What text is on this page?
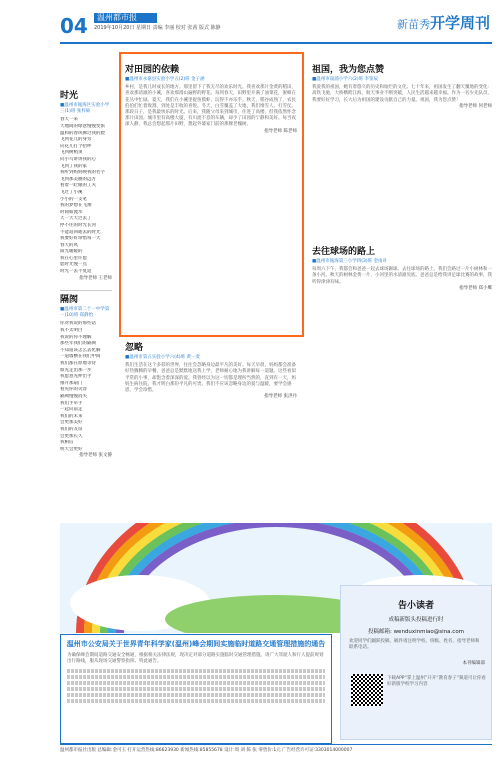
04	温州都市报
2019年10月20日 星期日 责编 李丽 校对 张茜 版式 陈静	新苗秀开学周刊
时光
■温州市瓯海区实验小学三(1)班 张梓硕
春天一来
天地间的绿意慢慢变浓
温和的春风拂过我的脸
飞到花儿的身旁
向花儿打个招呼
飞到树梢顶
向小鸟讲讲我的心
飞到了我的家
我听到妈妈唤我的名字
飞到那美丽的远方
看着一眨眼的工夫
飞过了小溪
小小的一支笔
我的梦想在飞翔
时间如流水
天一天天过去了
停不住的时光长河
不能追回逝去的时光
我要好好珍惜每一天
春天的风
阳光暖暖的
我在心里许愿
愿时光慢一点
时光一去不复返
指导老师 王老师
隔阂
■温州市第二十一中学第一(10)班 郑静怡
你对我说的那些话
我不太明白
我说的你不理解
那些年我们的隔阂
不知道该怎么去化解
一道墙横在我们中间
我们都在原地等待
谁先走出那一步
我愿意先伸出手
推开那扇门
看见你的笑容
隔阂慢慢消失
我们手牵手
一起向前走
我们的未来
会更加美好
我们的友谊
会更加长久
我相信
明天会更好
指导老师 张文静
对田园的依赖
■温州市永嘉县实验小学五(2)班 金子涵
乡村，是我儿时成长的地方。那里留下了我无尽的欢乐时光。我喜欢那片金黄的稻田，喜欢那清澈的小溪，喜欢那漫山遍野的野花。每到春天，田野里开满了油菜花，蜜蜂在花丛中忙碌。夏天，我们在小溪里捉鱼摸虾，玩得不亦乐乎。秋天，稻谷成熟了，农民伯伯们忙着收割，到处是丰收的喜悦。冬天，白雪覆盖了大地，我们堆雪人、打雪仗。那段日子，是我最快乐的时光。后来，我随父母来到城市，住进了高楼，但我依然怀念那片田园。城市里有高楼大厦，有川流不息的车辆，却少了田园的宁静和美好。每当夜深人静，我总会想起那片田野，想起外婆家门前的那棵老槐树。
指导老师 陈老师
忽略
■温州市第五实验小学六(4)班 黄一麦
我们生活在这个多彩的世界，往往会忽略身边最平凡的美好。每天早晨，妈妈都会准备好热腾腾的早餐，爸爸总是默默地送我上学，老师耐心地为我讲解每一道题。这些看似平常的小事，却饱含着深深的爱。我曾经以为这一切都是理所当然的，直到有一天，妈妈生病住院，我才明白那份平凡的可贵。我们不应该忽略身边的爱与温暖，要学会感恩，学会珍惜。
指导老师 张洪丹
祖国，我为您点赞
■温州市南浦小学六(2)班 李鉴辰
我爱我的祖国，她有着悠久的历史和灿烂的文化。七十年来，祖国发生了翻天覆地的变化：高铁飞驰，大桥横跨江海，航天事业不断突破，人民生活越来越幸福。作为一名少先队员，我要好好学习，长大后为祖国的建设贡献自己的力量。祖国，我为您点赞！
指导老师 何老师
去往球场的路上
■温州市瓯海第三小学四(3)班 金雨舟
每周六下午，我都会和爸爸一起去球场踢球。去往球场的路上，我们会路过一片小树林和一条小河。秋天的树林金黄一片，小河里的水清澈见底。爸爸总是给我讲足球比赛的故事，我听得津津有味。
指导老师 郑小鹰
温州市公安局关于世界青年科学家(温州)峰会期间实施临时道路交通管理措施的通告
为确保峰会期间道路交通安全畅通，根据相关法律法规，现决定对部分道路实施临时交通管理措施。请广大驾驶人和行人提前规划出行路线，服从现场交通警察指挥。特此通告。
告小读者
成稿新版头投稿进行时
投稿邮箱: wenduxinmiao@sina.com
欢迎同学们踊跃投稿，稿件请注明学校、班级、姓名、指导老师和联系电话。
下载APP“掌上温州”开开“教育春子”频道可让你看好新版学校学习内容
本刊编辑部
温州都市报社出版 总编辑:金可玉 打开运营热线:86623930 新闻热线:85855678 设计:周 刘 陈 张 零售价:1元 广告经营许可证:3303014000007
